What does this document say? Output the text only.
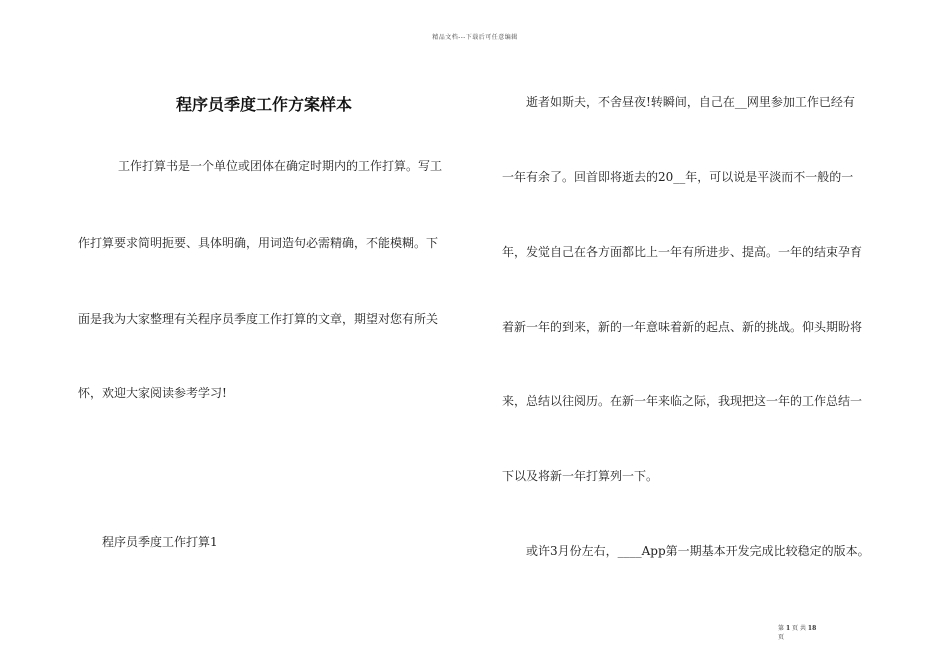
精品文档---下载后可任意编辑
程序员季度工作方案样本
工作打算书是一个单位或团体在确定时期内的工作打算。写工
作打算要求简明扼要、具体明确，用词造句必需精确，不能模糊。下
面是我为大家整理有关程序员季度工作打算的文章，期望对您有所关
怀，欢迎大家阅读参考学习!
程序员季度工作打算1
逝者如斯夫，不舍昼夜!转瞬间，自己在__网里参加工作已经有
一年有余了。回首即将逝去的20__年，可以说是平淡而不一般的一
年，发觉自己在各方面都比上一年有所进步、提高。一年的结束孕育
着新一年的到来，新的一年意味着新的起点、新的挑战。仰头期盼将
来，总结以往阅历。在新一年来临之际，我现把这一年的工作总结一
下以及将新一年打算列一下。
或许3月份左右，____App第一期基本开发完成比较稳定的版本。
第 1 页 共 18
页
